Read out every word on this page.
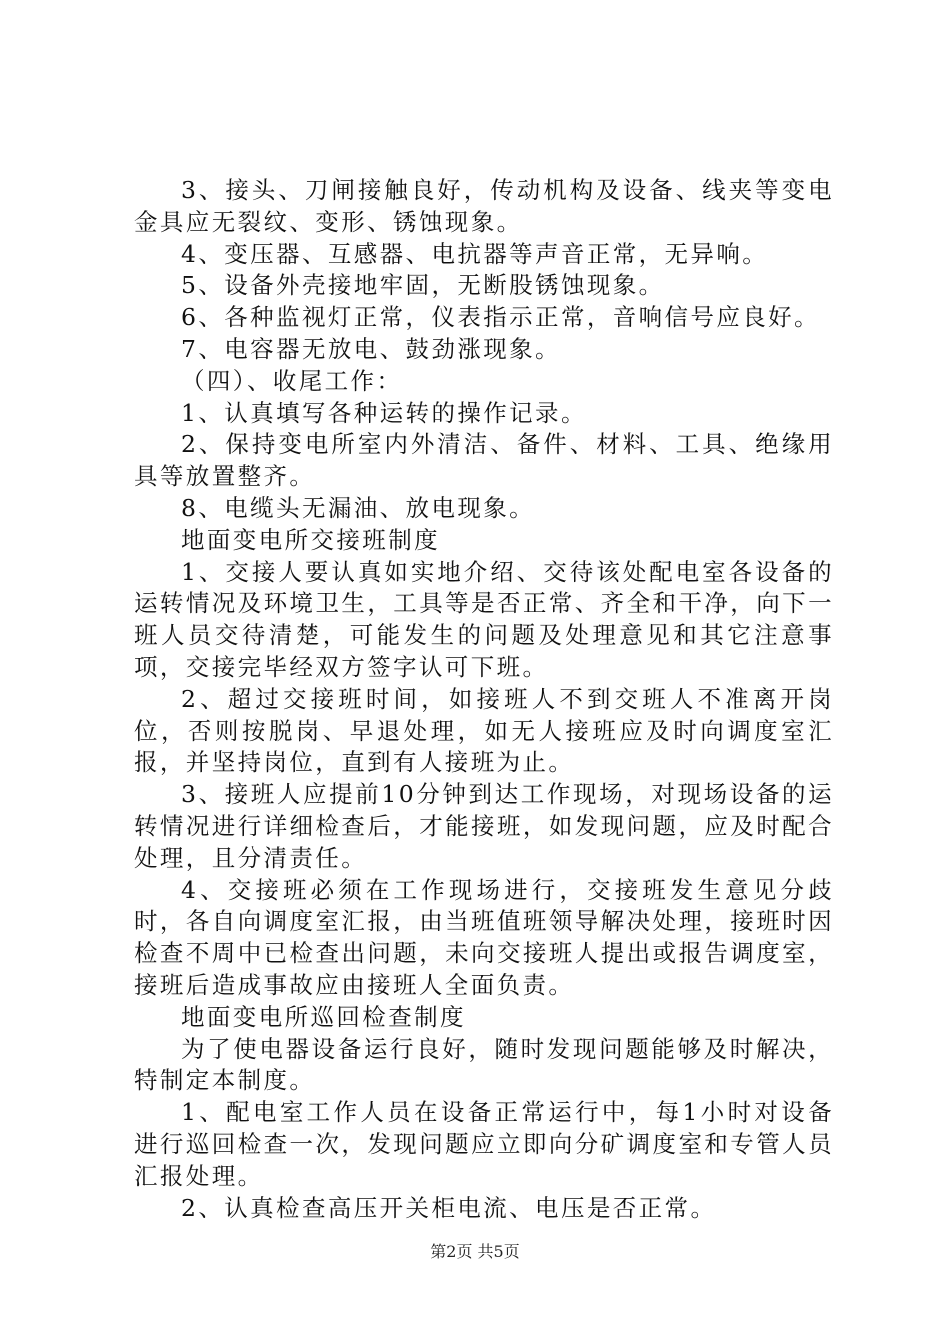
3、接头、刀闸接触良好，传动机构及设备、线夹等变电金具应无裂纹、变形、锈蚀现象。

4、变压器、互感器、电抗器等声音正常，无异响。

5、设备外壳接地牢固，无断股锈蚀现象。

6、各种监视灯正常，仪表指示正常，音响信号应良好。

7、电容器无放电、鼓劲涨现象。

（四）、收尾工作：

1、认真填写各种运转的操作记录。

2、保持变电所室内外清洁、备件、材料、工具、绝缘用具等放置整齐。

8、电缆头无漏油、放电现象。

地面变电所交接班制度

1、交接人要认真如实地介绍、交待该处配电室各设备的运转情况及环境卫生，工具等是否正常、齐全和干净，向下一班人员交待清楚，可能发生的问题及处理意见和其它注意事项，交接完毕经双方签字认可下班。

2、超过交接班时间，如接班人不到交班人不准离开岗位，否则按脱岗、早退处理，如无人接班应及时向调度室汇报，并坚持岗位，直到有人接班为止。

3、接班人应提前10分钟到达工作现场，对现场设备的运转情况进行详细检查后，才能接班，如发现问题，应及时配合处理，且分清责任。

4、交接班必须在工作现场进行，交接班发生意见分歧时，各自向调度室汇报，由当班值班领导解决处理，接班时因检查不周中已检查出问题，未向交接班人提出或报告调度室，接班后造成事故应由接班人全面负责。

地面变电所巡回检查制度

为了使电器设备运行良好，随时发现问题能够及时解决，特制定本制度。

1、配电室工作人员在设备正常运行中，每1小时对设备进行巡回检查一次，发现问题应立即向分矿调度室和专管人员汇报处理。

2、认真检查高压开关柜电流、电压是否正常。

第2页 共5页
